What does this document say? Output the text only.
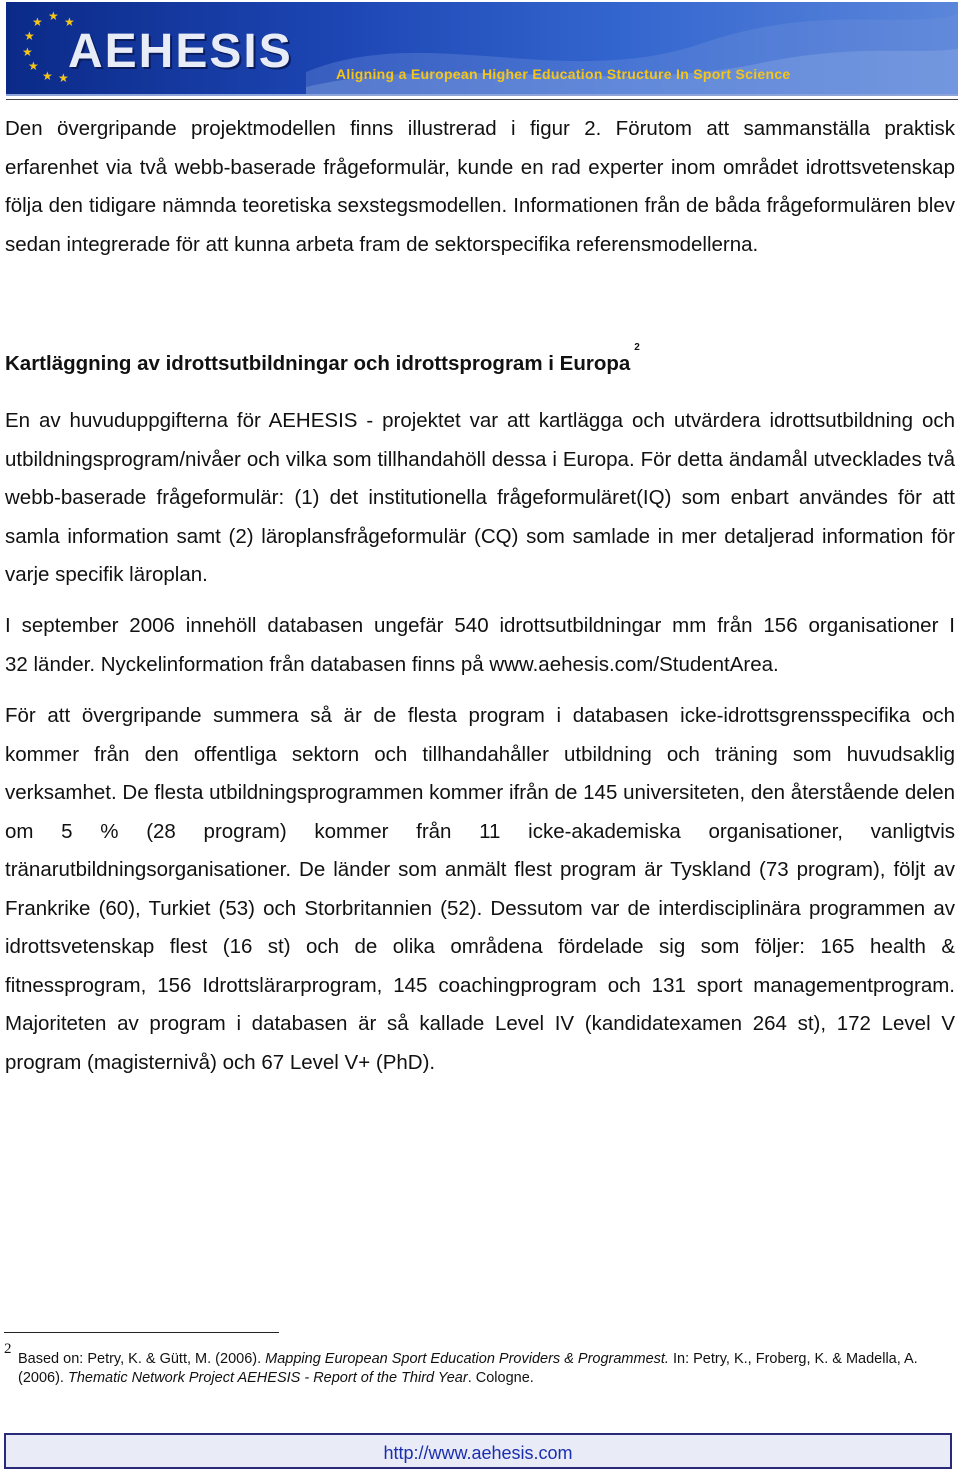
★ ★
★
★
★
★
★ ★ AEHESIS	Aligning a European Higher Education Structure In Sport Science

Den övergripande projektmodellen finns illustrerad i figur 2. Förutom att sammanställa praktisk erfarenhet via två webb-baserade frågeformulär, kunde en rad experter inom området idrottsvetenskap följa den tidigare nämnda teoretiska sexstegsmodellen. Informationen från de båda frågeformulären blev sedan integrerade för att kunna arbeta fram de sektorspecifika referensmodellerna.

Kartläggning av idrottsutbildningar och idrottsprogram i Europa$^2$

En av huvuduppgifterna för AEHESIS - projektet var att kartlägga och utvärdera idrottsutbildning och utbildningsprogram/nivåer och vilka som tillhandahöll dessa i Europa. För detta ändamål utvecklades två webb-baserade frågeformulär: (1) det institutionella frågeformuläret(IQ) som enbart användes för att samla information samt (2) läroplansfrågeformulär (CQ) som samlade in mer detaljerad information för varje specifik läroplan.

I september 2006 innehöll databasen ungefär 540 idrottsutbildningar mm från 156 organisationer I

32 länder. Nyckelinformation från databasen finns på www.aehesis.com/StudentArea.

För att övergripande summera så är de flesta program i databasen icke-idrottsgrensspecifika och kommer från den offentliga sektorn och tillhandahåller utbildning och träning som huvudsaklig verksamhet. De flesta utbildningsprogrammen kommer ifrån de 145 universiteten, den återstående delen om 5 % (28 program) kommer från 11 icke-akademiska organisationer, vanligtvis tränarutbildningsorganisationer. De länder som anmält flest program är Tyskland (73 program), följt av Frankrike (60), Turkiet (53) och Storbritannien (52). Dessutom var de interdisciplinära programmen av idrottsvetenskap flest (16 st) och de olika områdena fördelade sig som följer: 165 health & fitnessprogram, 156 Idrottslärarprogram, 145 coachingprogram och 131 sport managementprogram. Majoriteten av program i databasen är så kallade Level IV (kandidatexamen 264 st), 172 Level V program (magisternivå) och 67 Level V+ (PhD).

2
Based on: Petry, K. & Gütt, M. (2006). Mapping European Sport Education Providers & Programmest. In: Petry, K., Froberg, K. & Madella, A. (2006). Thematic Network Project AEHESIS - Report of the Third Year. Cologne.
http://www.aehesis.com
